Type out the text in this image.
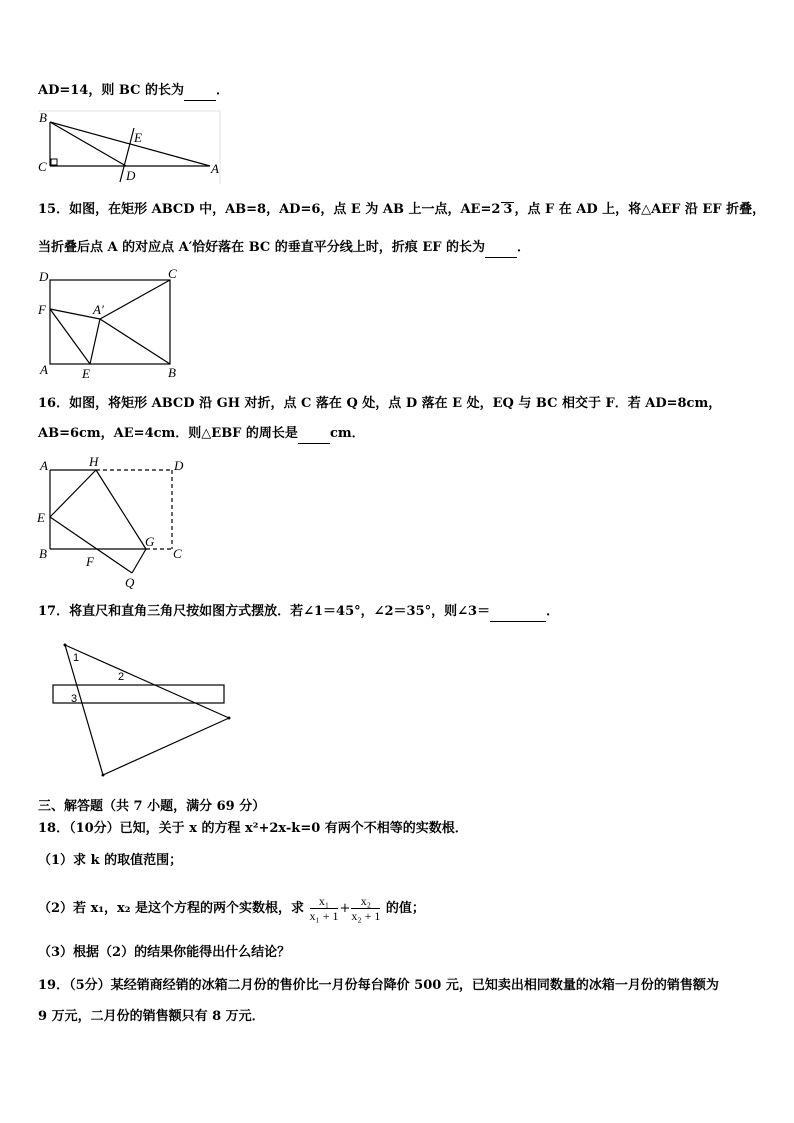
AD=14，则 BC 的长为 ．
B
C
D
E
A
15．如图，在矩形 ABCD 中，AB=8，AD=6，点 E 为 AB 上一点，AE=2 3 ，点 F 在 AD 上，将△AEF 沿 EF 折叠，
当折叠后点 A 的对应点 A′恰好落在 BC 的垂直平分线上时，折痕 EF 的长为 ．
D	C
F	A′
A	E	B
16．如图，将矩形 ABCD 沿 GH 对折，点 C 落在 Q 处，点 D 落在 E 处，EQ 与 BC 相交于 F．若 AD=8cm，
AB=6cm，AE=4cm．则△EBF 的周长是 cm．
A	H	D
E
B
F
G
C
Q
17．将直尺和直角三角尺按如图方式摆放．若∠1＝45°，∠2＝35°，则∠3＝	．
1
2
3
三、解答题（共 7 小题，满分 69 分）
18．（10分）已知，关于 x 的方程 x²+2x-k=0 有两个不相等的实数根．
（1）求 k 的取值范围；
（2）若 x₁，x₂ 是这个方程的两个实数根，求 $\frac{\text{x₁}}{\text{x₁ + 1}} + \frac{\text{x₂}}{\text{x₂ + 1}}$ 的值；
（3）根据（2）的结果你能得出什么结论？
19．（5分）某经销商经销的冰箱二月份的售价比一月份每台降价 500 元，已知卖出相同数量的冰箱一月份的销售额为
9 万元，二月份的销售额只有 8 万元．
